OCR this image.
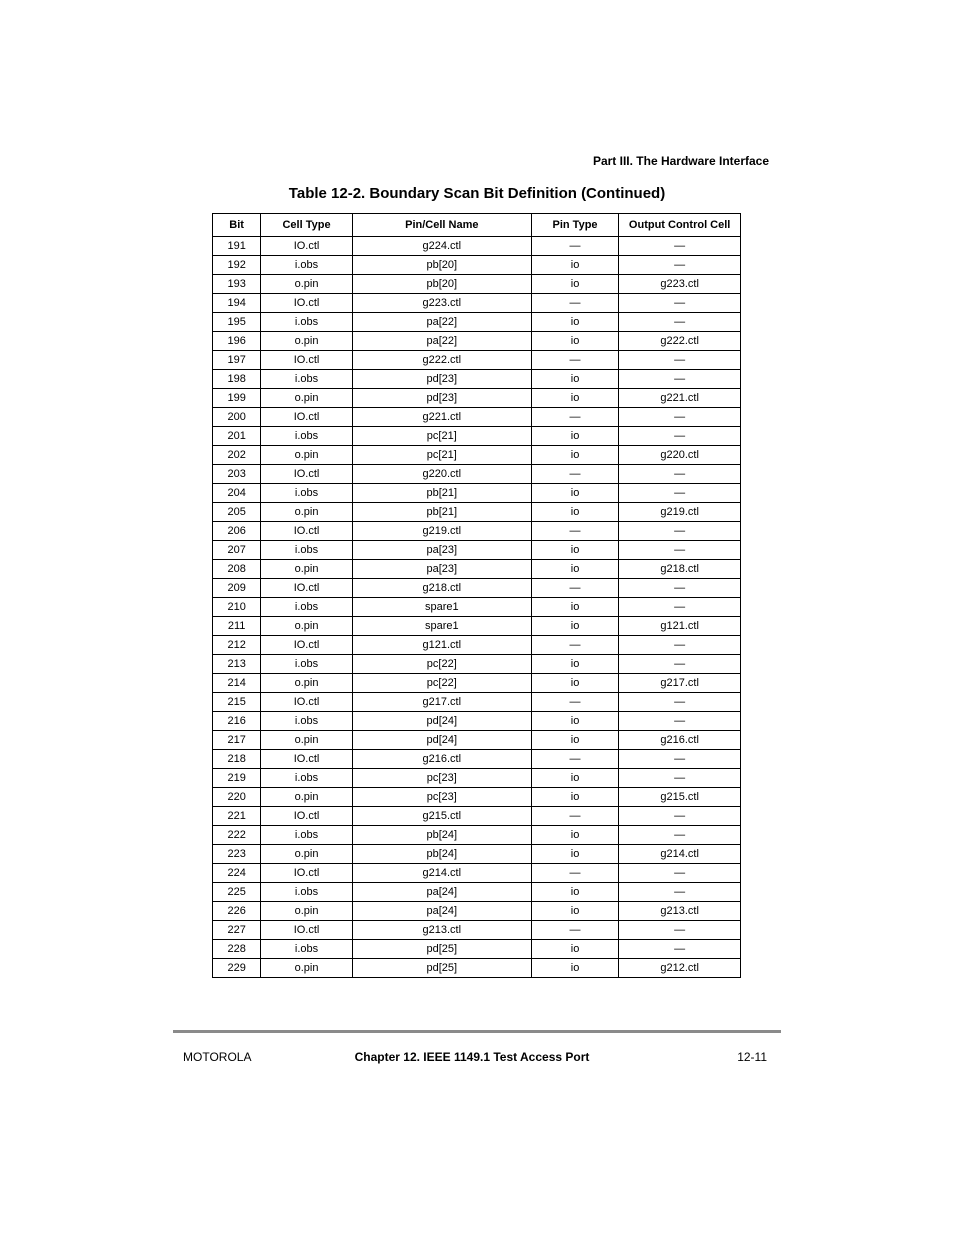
Part III. The Hardware Interface
Table 12-2. Boundary Scan Bit Definition (Continued)
Bit	Cell Type	Pin/Cell Name	Pin Type	Output Control Cell
191	IO.ctl	g224.ctl	—	—
192	i.obs	pb[20]	io	—
193	o.pin	pb[20]	io	g223.ctl
194	IO.ctl	g223.ctl	—	—
195	i.obs	pa[22]	io	—
196	o.pin	pa[22]	io	g222.ctl
197	IO.ctl	g222.ctl	—	—
198	i.obs	pd[23]	io	—
199	o.pin	pd[23]	io	g221.ctl
200	IO.ctl	g221.ctl	—	—
201	i.obs	pc[21]	io	—
202	o.pin	pc[21]	io	g220.ctl
203	IO.ctl	g220.ctl	—	—
204	i.obs	pb[21]	io	—
205	o.pin	pb[21]	io	g219.ctl
206	IO.ctl	g219.ctl	—	—
207	i.obs	pa[23]	io	—
208	o.pin	pa[23]	io	g218.ctl
209	IO.ctl	g218.ctl	—	—
210	i.obs	spare1	io	—
211	o.pin	spare1	io	g121.ctl
212	IO.ctl	g121.ctl	—	—
213	i.obs	pc[22]	io	—
214	o.pin	pc[22]	io	g217.ctl
215	IO.ctl	g217.ctl	—	—
216	i.obs	pd[24]	io	—
217	o.pin	pd[24]	io	g216.ctl
218	IO.ctl	g216.ctl	—	—
219	i.obs	pc[23]	io	—
220	o.pin	pc[23]	io	g215.ctl
221	IO.ctl	g215.ctl	—	—
222	i.obs	pb[24]	io	—
223	o.pin	pb[24]	io	g214.ctl
224	IO.ctl	g214.ctl	—	—
225	i.obs	pa[24]	io	—
226	o.pin	pa[24]	io	g213.ctl
227	IO.ctl	g213.ctl	—	—
228	i.obs	pd[25]	io	—
229	o.pin	pd[25]	io	g212.ctl
MOTOROLA	Chapter 12. IEEE 1149.1 Test Access Port	12-11
